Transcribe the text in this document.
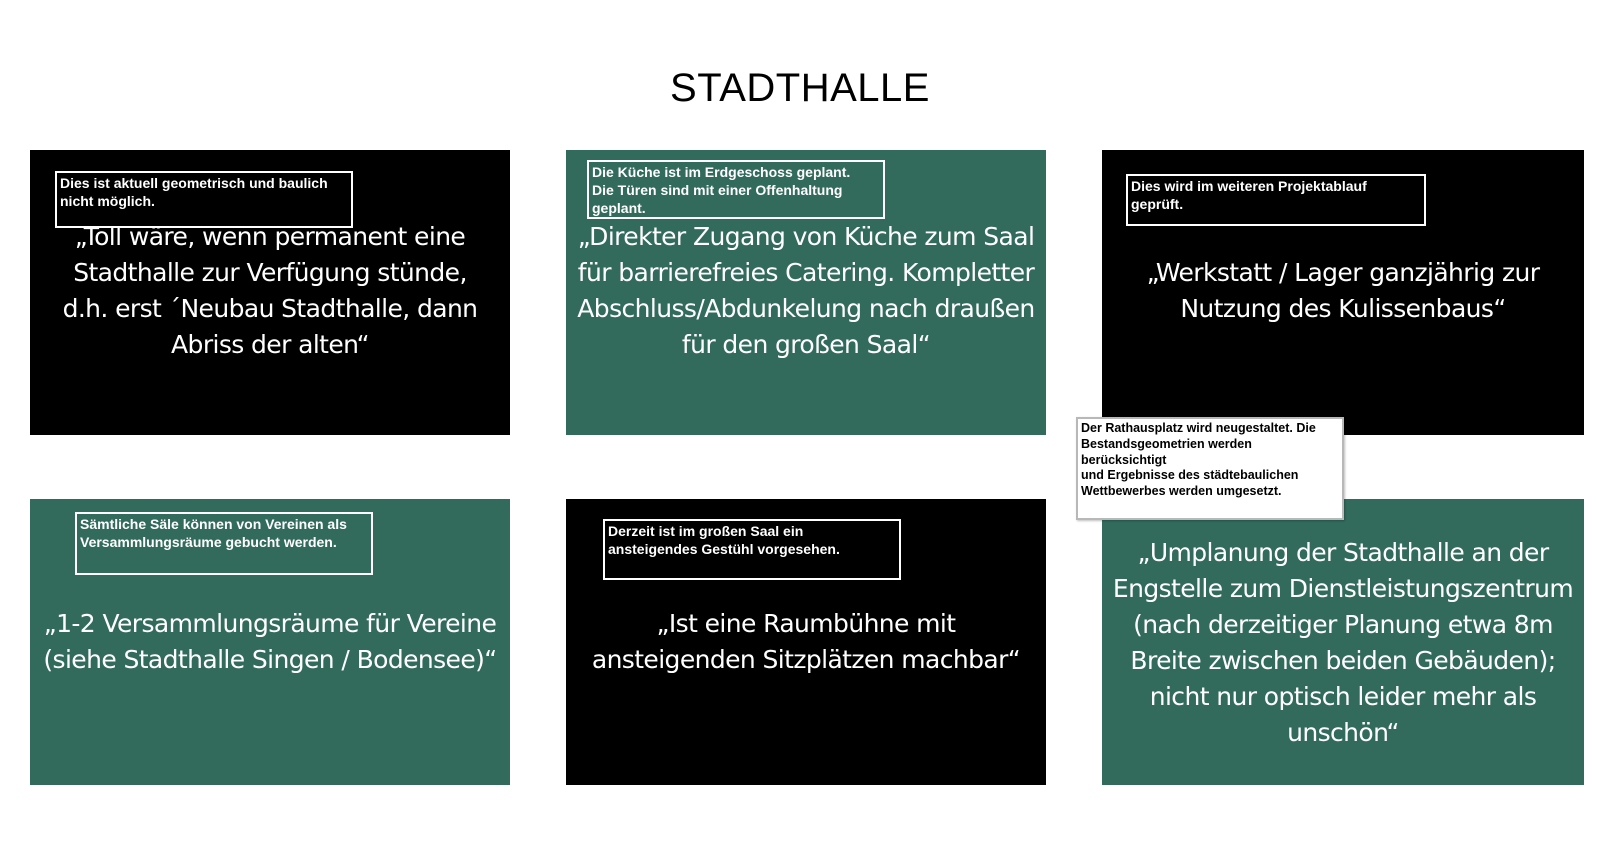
STADTHALLE
„Toll wäre, wenn permanent eine Stadthalle zur Verfügung stünde, d.h. erst ´Neubau Stadthalle, dann Abriss der alten“
Dies ist aktuell geometrisch und baulich
nicht möglich.
„Direkter Zugang von Küche zum Saal für barrierefreies Catering. Kompletter Abschluss/Abdunkelung nach draußen für den großen Saal“
Die Küche ist im Erdgeschoss geplant.
Die Türen sind mit einer Offenhaltung
geplant.
„Werkstatt / Lager ganzjährig zur Nutzung des Kulissenbaus“
Dies wird im weiteren Projektablauf
geprüft.
„1-2 Versammlungsräume für Vereine (siehe Stadthalle Singen / Bodensee)“
Sämtliche Säle können von Vereinen als
Versammlungsräume gebucht werden.
„Ist eine Raumbühne mit ansteigenden Sitzplätzen machbar“
Derzeit ist im großen Saal ein
ansteigendes Gestühl vorgesehen.	„Umplanung der Stadthalle an der Engstelle zum Dienstleistungszentrum (nach derzeitiger Planung etwa 8m Breite zwischen beiden Gebäuden); nicht nur optisch leider mehr als unschön“
Der Rathausplatz wird neugestaltet. Die
Bestandsgeometrien werden
berücksichtigt
und Ergebnisse des städtebaulichen
Wettbewerbes werden umgesetzt.
